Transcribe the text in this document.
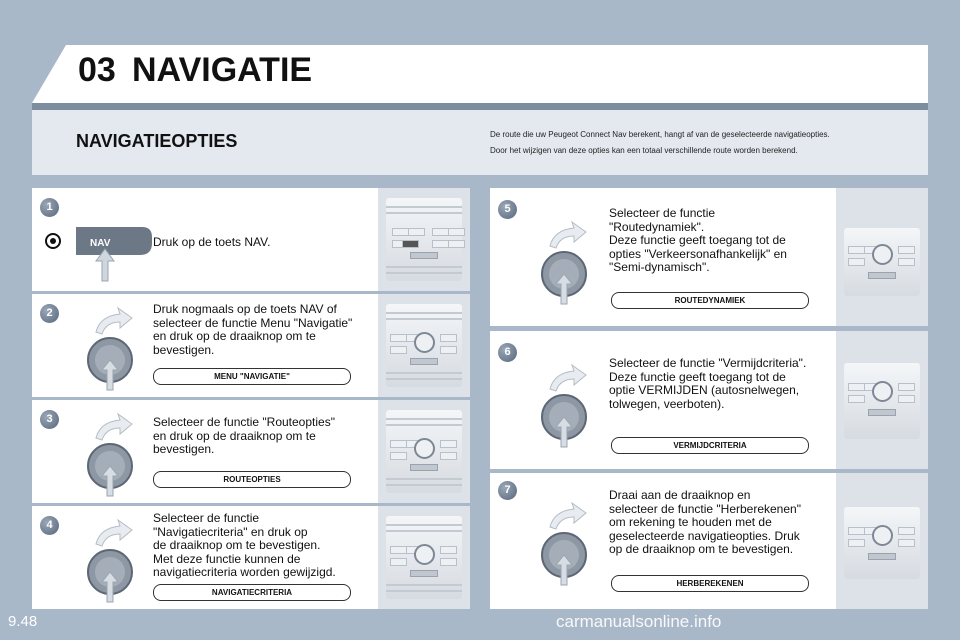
03 NAVIGATIE
NAVIGATIEOPTIES	De route die uw Peugeot Connect Nav berekent, hangt af van de geselecteerde navigatieopties.
Door het wijzigen van deze opties kan een totaal verschillende route worden berekend.
1
NAV	Druk op de toets NAV.
2	Druk nogmaals op de toets NAV of
selecteer de functie Menu "Navigatie"
en druk op de draaiknop om te
bevestigen.
MENU "NAVIGATIE"
3	Selecteer de functie "Routeopties"
en druk op de draaiknop om te
bevestigen.
ROUTEOPTIES
4	Selecteer de functie
"Navigatiecriteria" en druk op
de draaiknop om te bevestigen.
Met deze functie kunnen de
navigatiecriteria worden gewijzigd.
NAVIGATIECRITERIA
5	Selecteer de functie
"Routedynamiek".
Deze functie geeft toegang tot de
opties "Verkeersonafhankelijk" en
"Semi-dynamisch".
ROUTEDYNAMIEK
6
Selecteer de functie "Vermijdcriteria".
Deze functie geeft toegang tot de
optie VERMIJDEN (autosnelwegen,
tolwegen, veerboten).
VERMIJDCRITERIA
7	Draai aan de draaiknop en
selecteer de functie "Herberekenen"
om rekening te houden met de
geselecteerde navigatieopties. Druk
op de draaiknop om te bevestigen.
HERBEREKENEN
9.48	carmanualsonline.info
